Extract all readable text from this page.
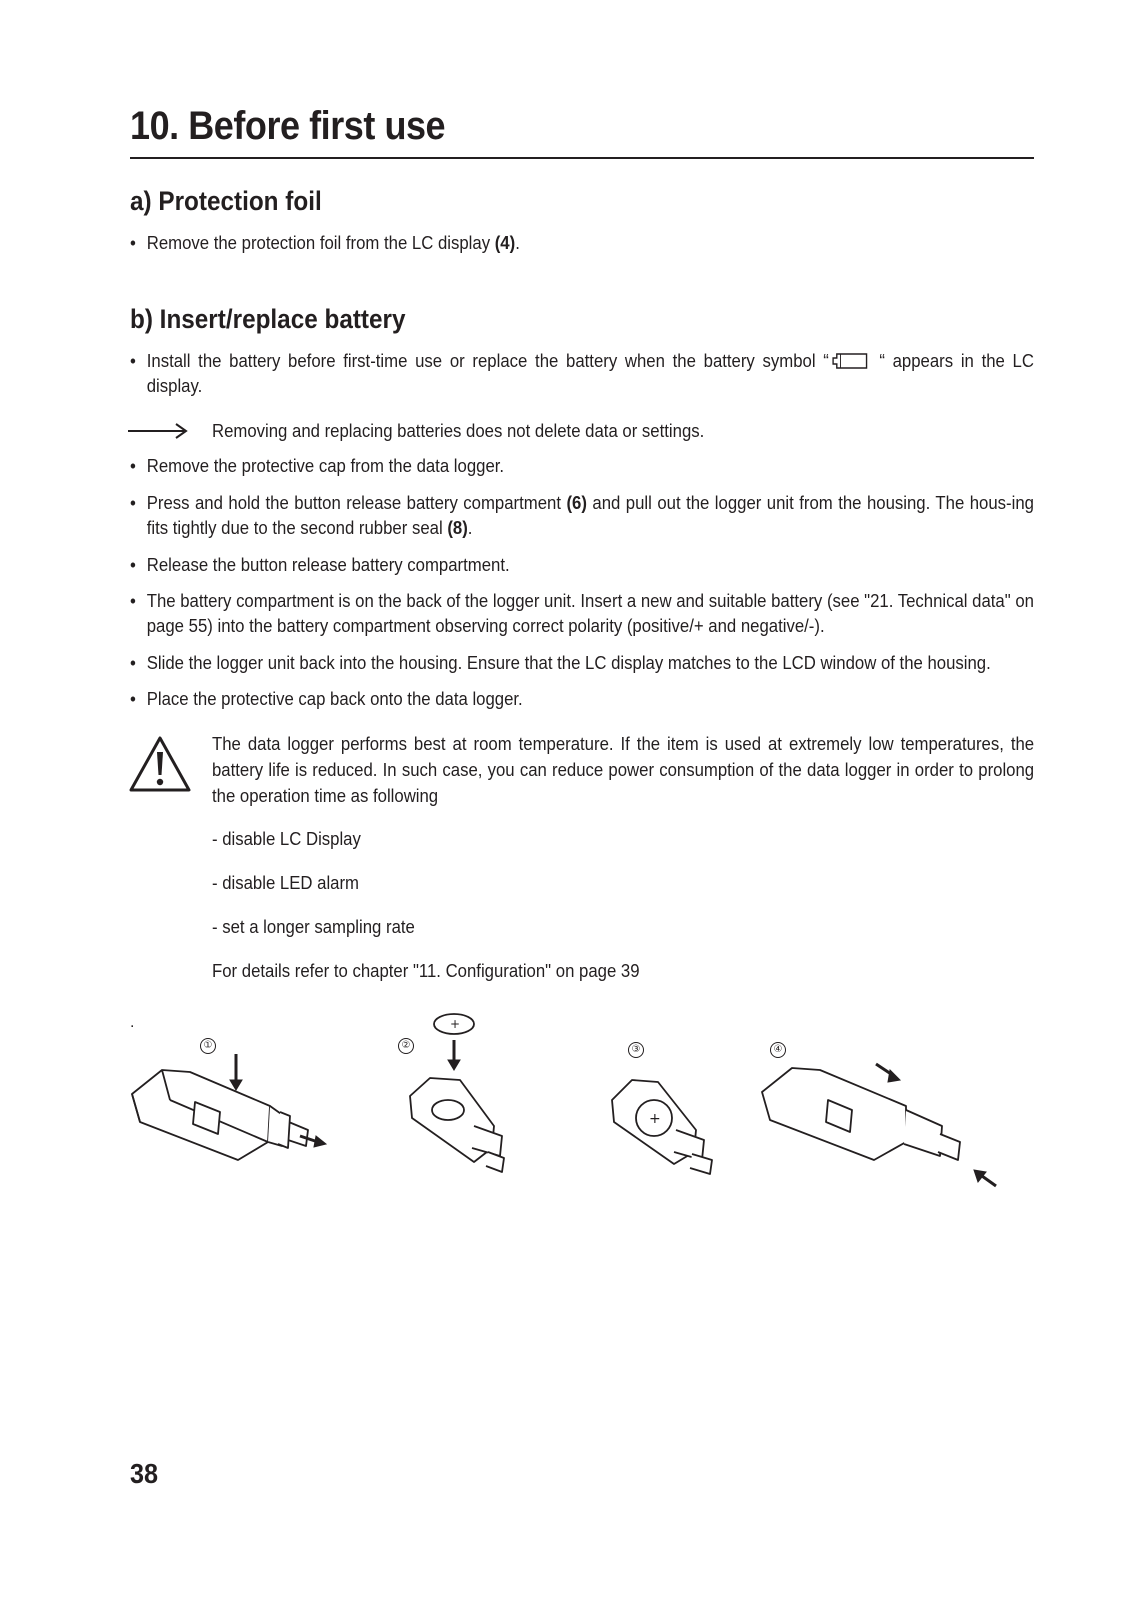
10. Before first use
a) Protection foil
• Remove the protection foil from the LC display (4).
b) Insert/replace battery
• Install the battery before first-time use or replace the battery when the battery symbol “ “ appears in the LC display.
Removing and replacing batteries does not delete data or settings.
• Remove the protective cap from the data logger.
• Press and hold the button release battery compartment (6) and pull out the logger unit from the housing. The hous-ing fits tightly due to the second rubber seal (8).
• Release the button release battery compartment.
• The battery compartment is on the back of the logger unit. Insert a new and suitable battery (see "21. Technical data" on page 55) into the battery compartment observing correct polarity (positive/+ and negative/-).
• Slide the logger unit back into the housing. Ensure that the LC display matches to the LCD window of the housing.
• Place the protective cap back onto the data logger.
The data logger performs best at room temperature. If the item is used at extremely low temperatures, the battery life is reduced. In such case, you can reduce power consumption of the data logger in order to prolong the operation time as following
- disable LC Display
- disable LED alarm
- set a longer sampling rate
For details refer to chapter "11. Configuration" on page 39
.
①	②	③	④
+
+
38
